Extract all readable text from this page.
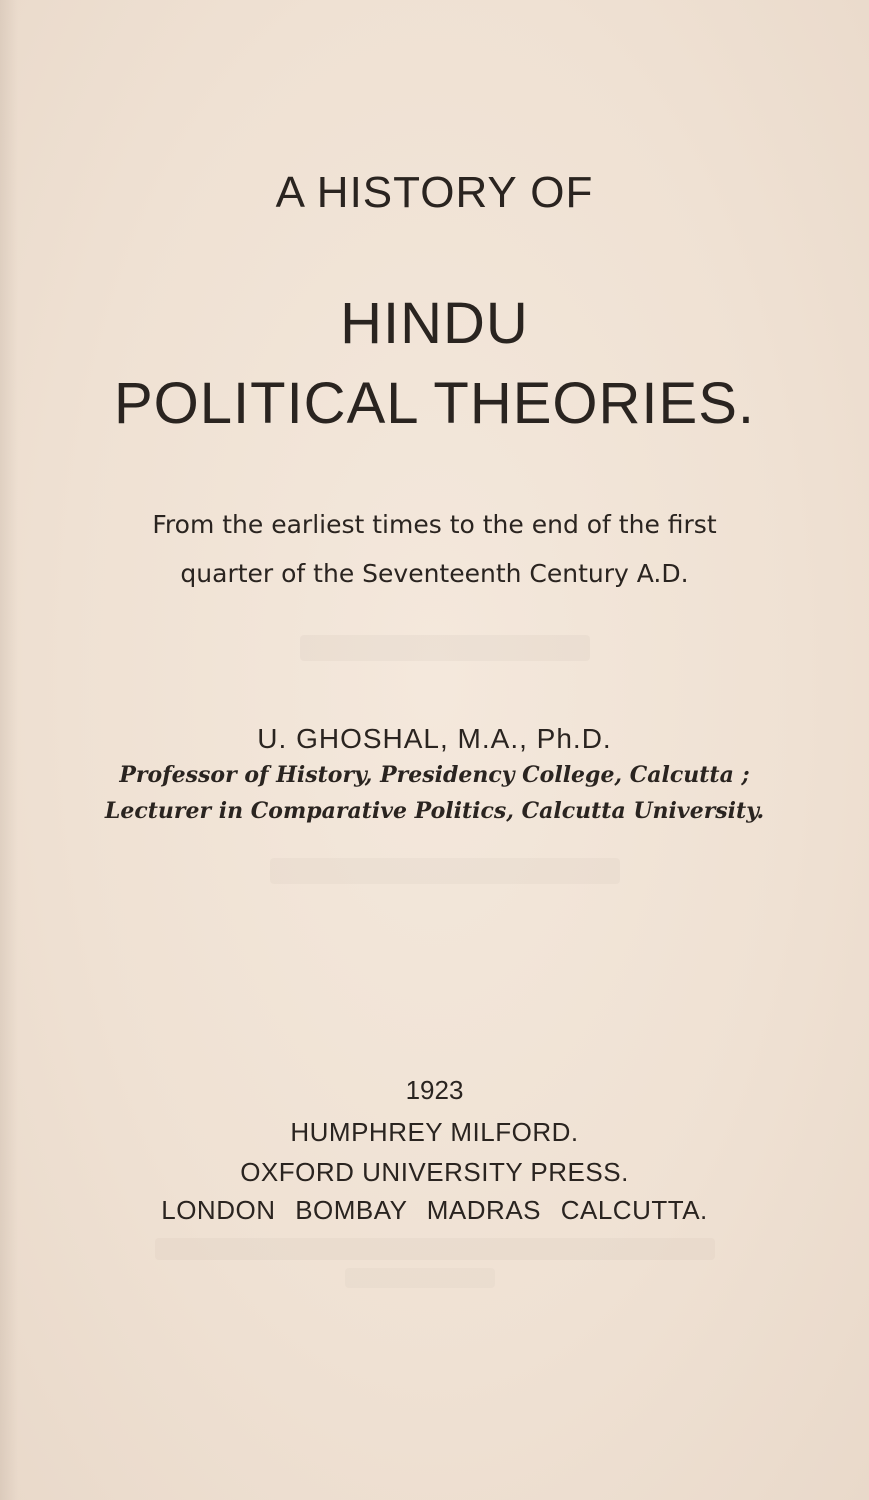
A HISTORY OF
HINDU
POLITICAL THEORIES.
From the earliest times to the end of the first
quarter of the Seventeenth Century A.D.
U. GHOSHAL, M.A., Ph.D.
Professor of History, Presidency College, Calcutta ;
Lecturer in Comparative Politics, Calcutta University.
1923
HUMPHREY MILFORD.
OXFORD UNIVERSITY PRESS.
LONDON BOMBAY MADRAS CALCUTTA.
